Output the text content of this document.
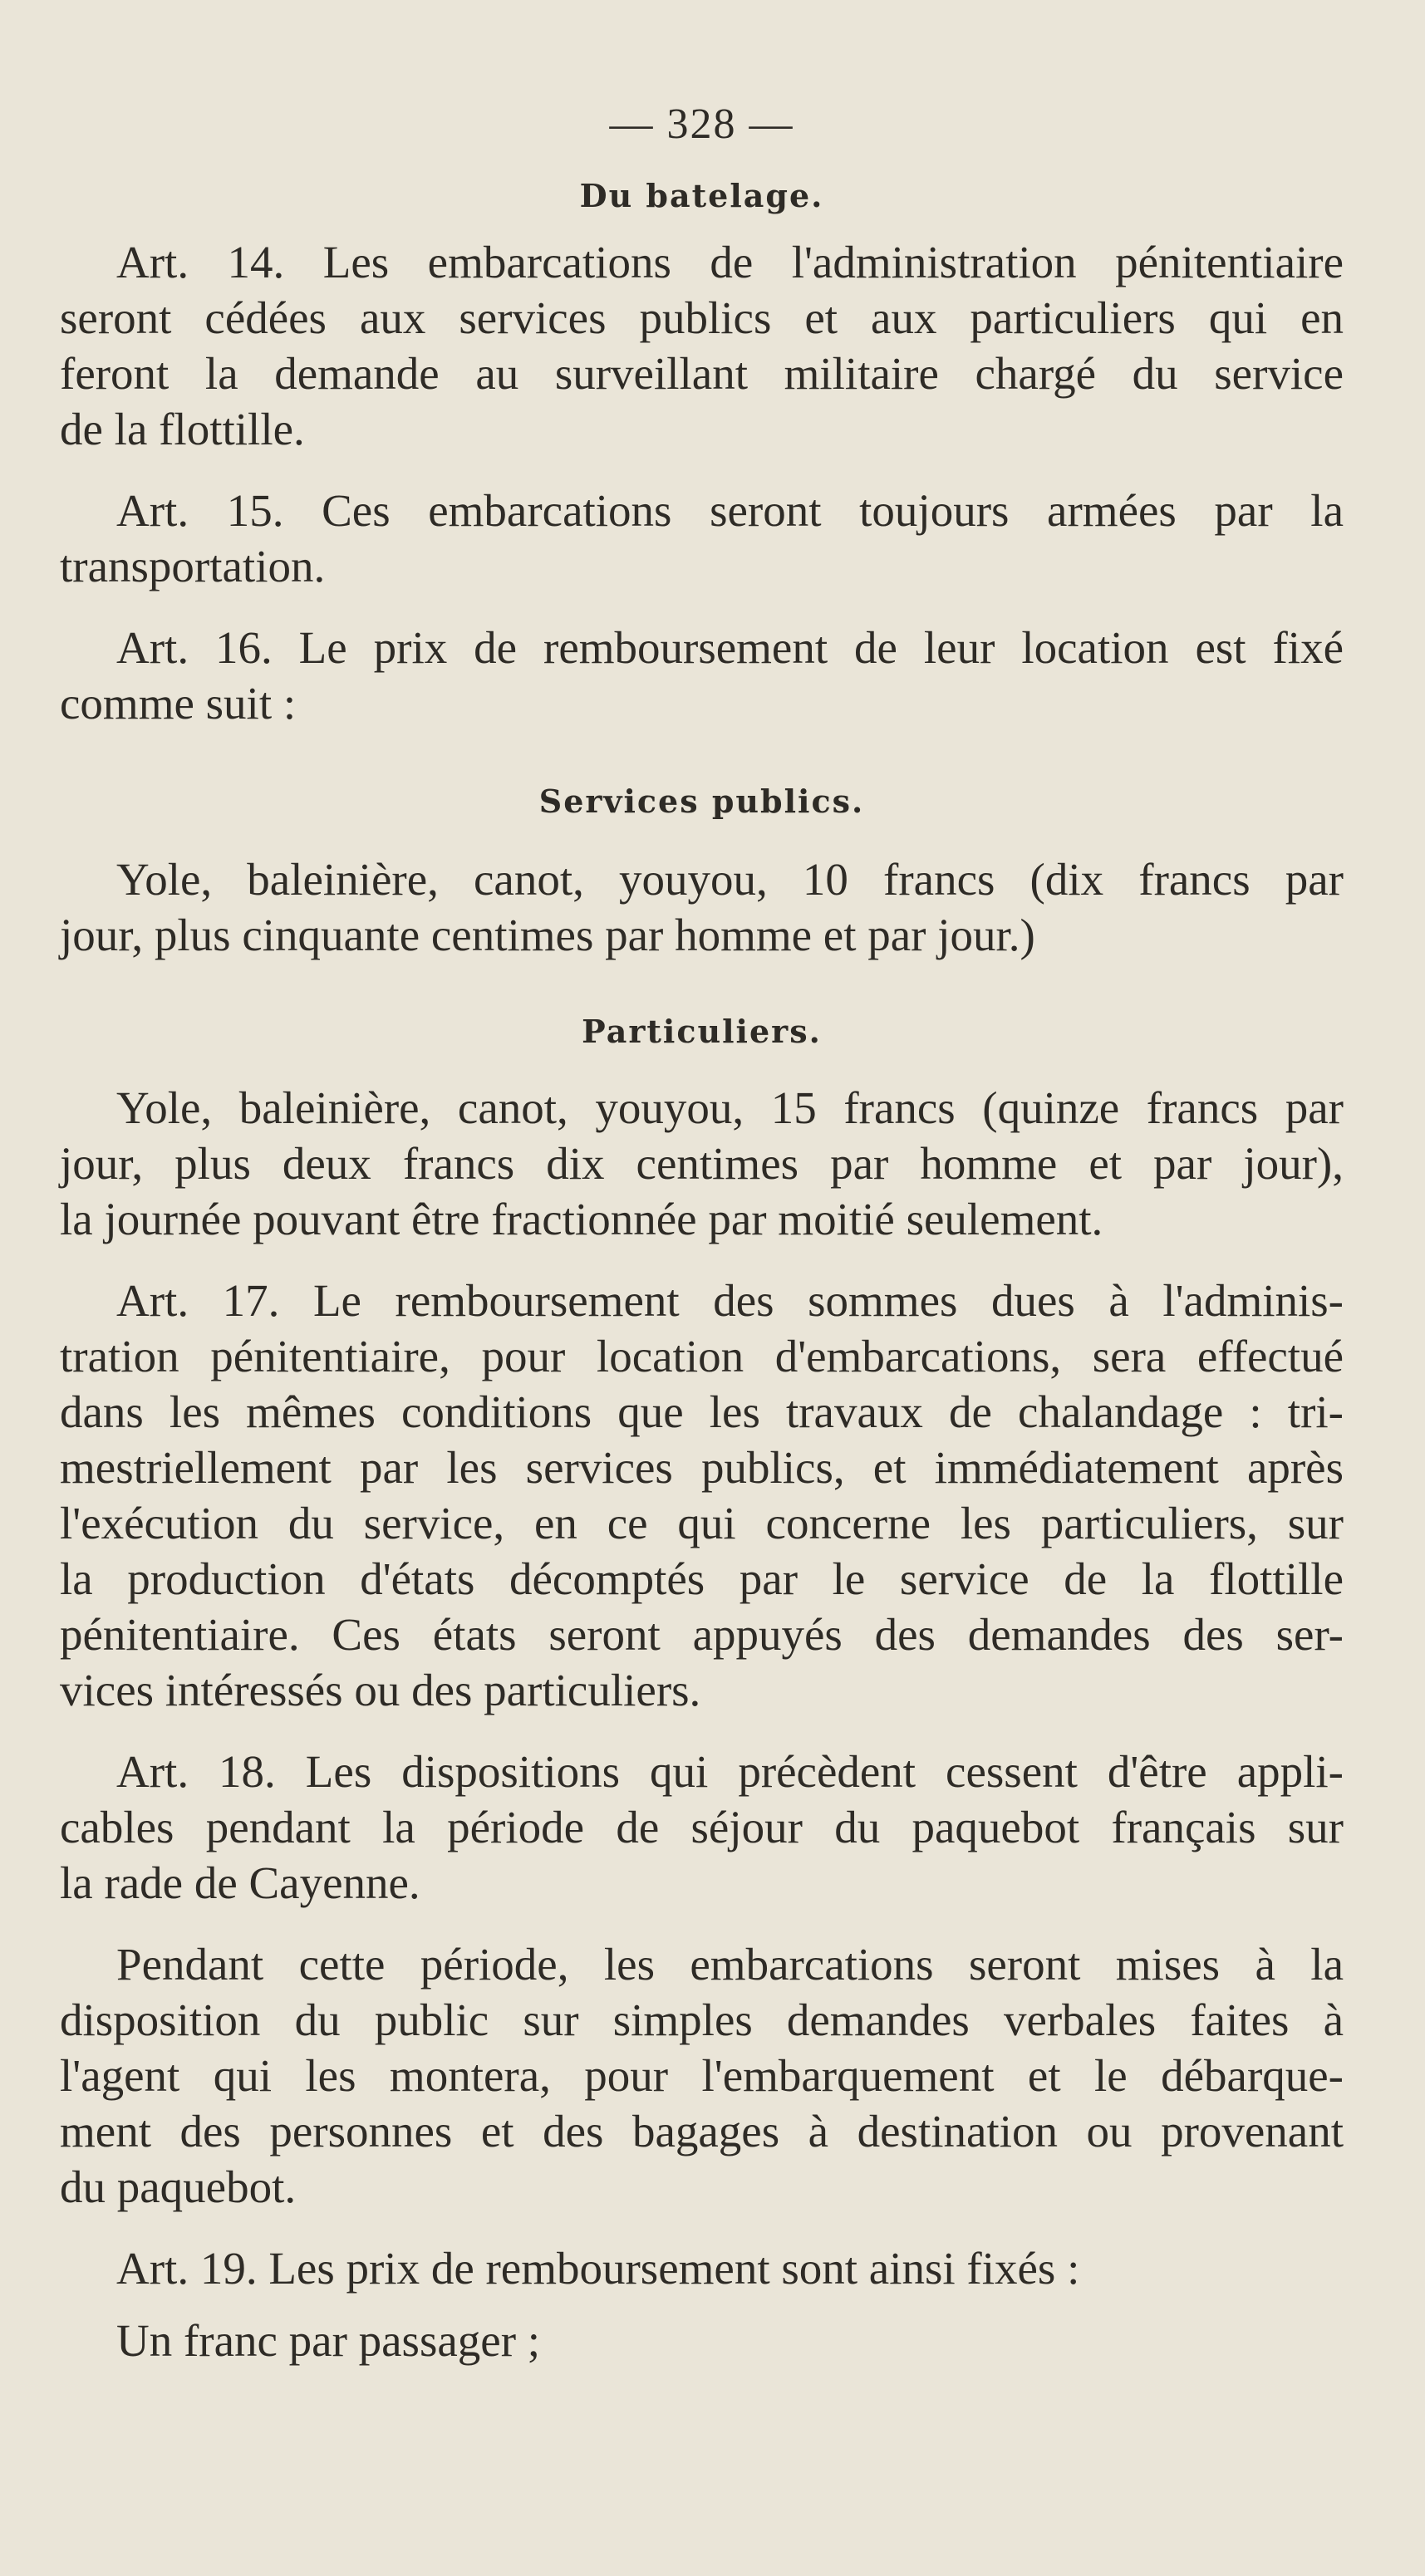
— 328 —
Du batelage.
Art. 14. Les embarcations de l'administration pénitentiaire
seront cédées aux services publics et aux particuliers qui en
feront la demande au surveillant militaire chargé du service
de la flottille.
Art. 15. Ces embarcations seront toujours armées par la
transportation.
Art. 16. Le prix de remboursement de leur location est fixé
comme suit :
Services publics.
Yole, baleinière, canot, youyou, 10 francs (dix francs par
jour, plus cinquante centimes par homme et par jour.)
Particuliers.
Yole, baleinière, canot, youyou, 15 francs (quinze francs par
jour, plus deux francs dix centimes par homme et par jour),
la journée pouvant être fractionnée par moitié seulement.
Art. 17. Le remboursement des sommes dues à l'adminis-
tration pénitentiaire, pour location d'embarcations, sera effectué
dans les mêmes conditions que les travaux de chalandage : tri-
mestriellement par les services publics, et immédiatement après
l'exécution du service, en ce qui concerne les particuliers, sur
la production d'états décomptés par le service de la flottille
pénitentiaire. Ces états seront appuyés des demandes des ser-
vices intéressés ou des particuliers.
Art. 18. Les dispositions qui précèdent cessent d'être appli-
cables pendant la période de séjour du paquebot français sur
la rade de Cayenne.
Pendant cette période, les embarcations seront mises à la
disposition du public sur simples demandes verbales faites à
l'agent qui les montera, pour l'embarquement et le débarque-
ment des personnes et des bagages à destination ou provenant
du paquebot.
Art. 19. Les prix de remboursement sont ainsi fixés :
Un franc par passager ;
